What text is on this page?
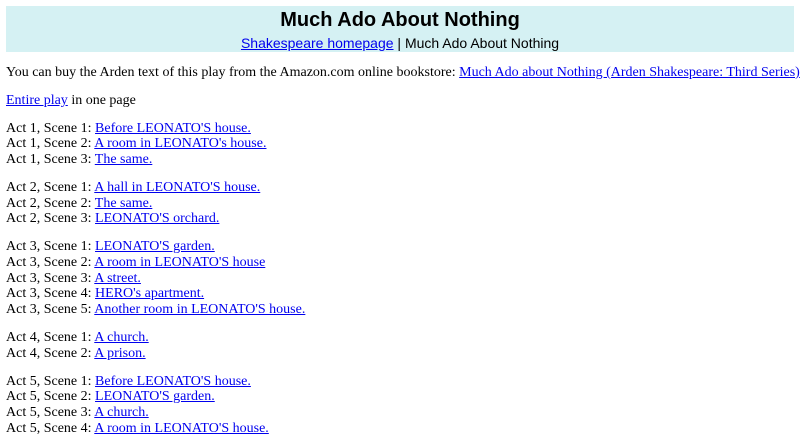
Much Ado About Nothing
Shakespeare homepage | Much Ado About Nothing
You can buy the Arden text of this play from the Amazon.com online bookstore: Much Ado about Nothing (Arden Shakespeare: Third Series)
Entire play in one page
Act 1, Scene 1: Before LEONATO'S house.
Act 1, Scene 2: A room in LEONATO's house.
Act 1, Scene 3: The same.
Act 2, Scene 1: A hall in LEONATO'S house.
Act 2, Scene 2: The same.
Act 2, Scene 3: LEONATO'S orchard.
Act 3, Scene 1: LEONATO'S garden.
Act 3, Scene 2: A room in LEONATO'S house
Act 3, Scene 3: A street.
Act 3, Scene 4: HERO's apartment.
Act 3, Scene 5: Another room in LEONATO'S house.
Act 4, Scene 1: A church.
Act 4, Scene 2: A prison.
Act 5, Scene 1: Before LEONATO'S house.
Act 5, Scene 2: LEONATO'S garden.
Act 5, Scene 3: A church.
Act 5, Scene 4: A room in LEONATO'S house.
